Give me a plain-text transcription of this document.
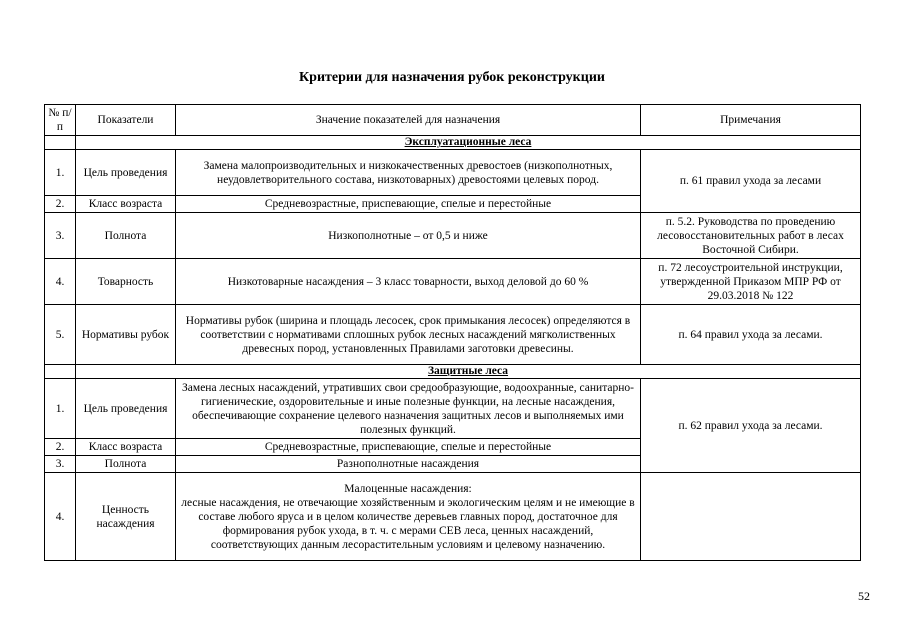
Критерии для назначения рубок реконструкции
№ п/п	Показатели	Значение показателей для назначения	Примечания
	Эксплуатационные леса		
1.	Цель проведения	Замена малопроизводительных и низкокачественных древостоев (низкополнотных, неудовлетворительного состава, низкотоварных) древостоями целевых пород.	п. 61 правил ухода за лесами
2.	Класс возраста	Средневозрастные, приспевающие, спелые и перестойные	
3.	Полнота	Низкополнотные – от 0,5 и ниже	п. 5.2. Руководства по проведению лесовосстановительных работ в лесах Восточной Сибири.
4.	Товарность	Низкотоварные насаждения – 3 класс товарности, выход деловой до 60 %	п. 72 лесоустроительной инструкции, утвержденной Приказом МПР РФ от 29.03.2018 № 122
5.	Нормативы рубок	Нормативы рубок (ширина и площадь лесосек, срок примыкания лесосек) определяются в соответствии с нормативами сплошных рубок лесных насаждений мягколиственных древесных пород, установленных Правилами заготовки древесины.	п. 64 правил ухода за лесами.
	Защитные леса		
1.	Цель проведения	Замена лесных насаждений, утративших свои средообразующие, водоохранные, санитарно-гигиенические, оздоровительные и иные полезные функции, на лесные насаждения, обеспечивающие сохранение целевого назначения защитных лесов и выполняемых ими полезных функций.	п. 62 правил ухода за лесами.
2.	Класс возраста	Средневозрастные, приспевающие, спелые и перестойные	
3.	Полнота	Разнополнотные насаждения	
4.	Ценность насаждения	Малоценные насаждения:
лесные насаждения, не отвечающие хозяйственным и экологическим целям и не имеющие в составе любого яруса и в целом количестве деревьев главных пород, достаточное для формирования рубок ухода, в т. ч. с мерами СЕВ леса, ценных насаждений, соответствующих данным лесорастительным условиям и целевому назначению.	

52
